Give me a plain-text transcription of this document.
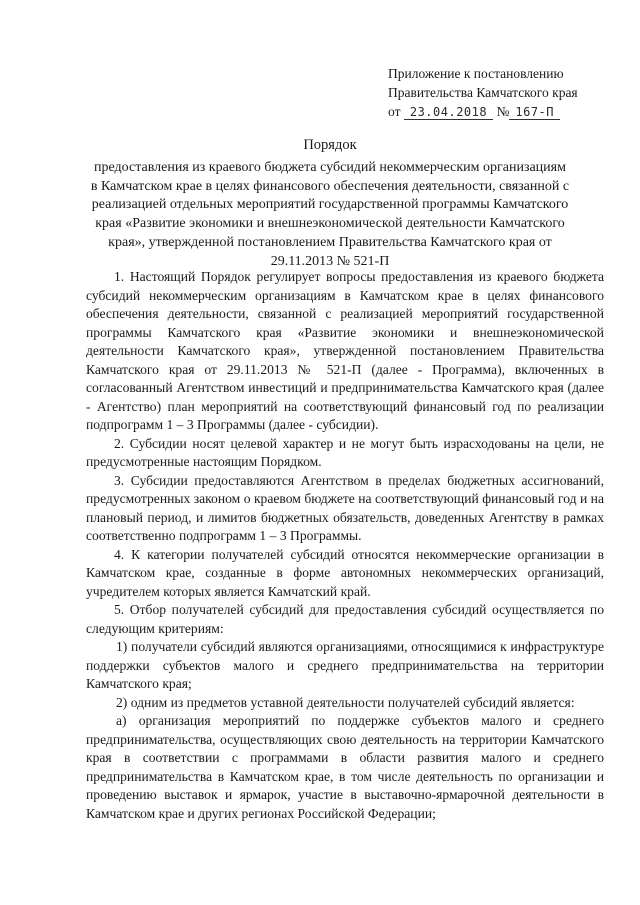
Приложение к постановлению
Правительства Камчатского края
от 23.04.2018 № 167-П
Порядок
предоставления из краевого бюджета субсидий некоммерческим организациям
в Камчатском крае в целях финансового обеспечения деятельности, связанной с
реализацией отдельных мероприятий государственной программы Камчатского
края «Развитие экономики и внешнеэкономической деятельности Камчатского
края», утвержденной постановлением Правительства Камчатского края от
29.11.2013 № 521-П

1. Настоящий Порядок регулирует вопросы предоставления из краевого бюджета субсидий некоммерческим организациям в Камчатском крае в целях финансового обеспечения деятельности, связанной с реализацией мероприятий государственной программы Камчатского края «Развитие экономики и внешнеэкономической деятельности Камчатского края», утвержденной постановлением Правительства Камчатского края от 29.11.2013 № 521-П (далее - Программа), включенных в согласованный Агентством инвестиций и предпринимательства Камчатского края (далее - Агентство) план мероприятий на соответствующий финансовый год по реализации подпрограмм 1 – 3 Программы (далее - субсидии).

2. Субсидии носят целевой характер и не могут быть израсходованы на цели, не предусмотренные настоящим Порядком.

3. Субсидии предоставляются Агентством в пределах бюджетных ассигнований, предусмотренных законом о краевом бюджете на соответствующий финансовый год и на плановый период, и лимитов бюджетных обязательств, доведенных Агентству в рамках соответственно подпрограмм 1 – 3 Программы.

4. К категории получателей субсидий относятся некоммерческие организации в Камчатском крае, созданные в форме автономных некоммерческих организаций, учредителем которых является Камчатский край.

5. Отбор получателей субсидий для предоставления субсидий осуществляется по следующим критериям:

1) получатели субсидий являются организациями, относящимися к инфраструктуре поддержки субъектов малого и среднего предпринимательства на территории Камчатского края;

2) одним из предметов уставной деятельности получателей субсидий является:

а) организация мероприятий по поддержке субъектов малого и среднего предпринимательства, осуществляющих свою деятельность на территории Камчатского края в соответствии с программами в области развития малого и среднего предпринимательства в Камчатском крае, в том числе деятельность по организации и проведению выставок и ярмарок, участие в выставочно-ярмарочной деятельности в Камчатском крае и других регионах Российской Федерации;
